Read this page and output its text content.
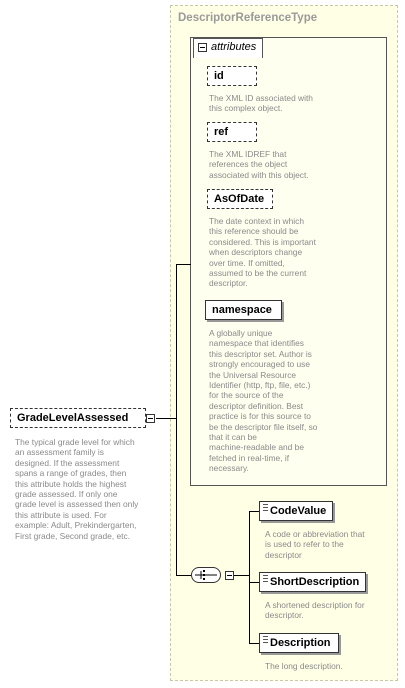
DescriptorReferenceType
attributes
id
The XML ID associated with
this complex object.
ref
The XML IDREF that
references the object
associated with this object.
AsOfDate
The date context in which
this reference should be
considered. This is important
when descriptors change
over time. If omitted,
assumed to be the current
descriptor.
namespace
A globally unique
namespace that identifies
this descriptor set. Author is
strongly encouraged to use
the Universal Resource
Identifier (http, ftp, file, etc.)
for the source of the
descriptor definition. Best
practice is for this source to
be the descriptor file itself, so
that it can be
machine-readable and be
fetched in real-time, if
necessary.
GradeLevelAssessed
The typical grade level for which
an assessment family is
designed. If the assessment
spans a range of grades, then
this attribute holds the highest
grade assessed. If only one
grade level is assessed then only
this attribute is used. For
example: Adult, Prekindergarten,
First grade, Second grade, etc.
CodeValue
A code or abbreviation that
is used to refer to the
descriptor
ShortDescription
A shortened description for
descriptor.
Description
The long description.
